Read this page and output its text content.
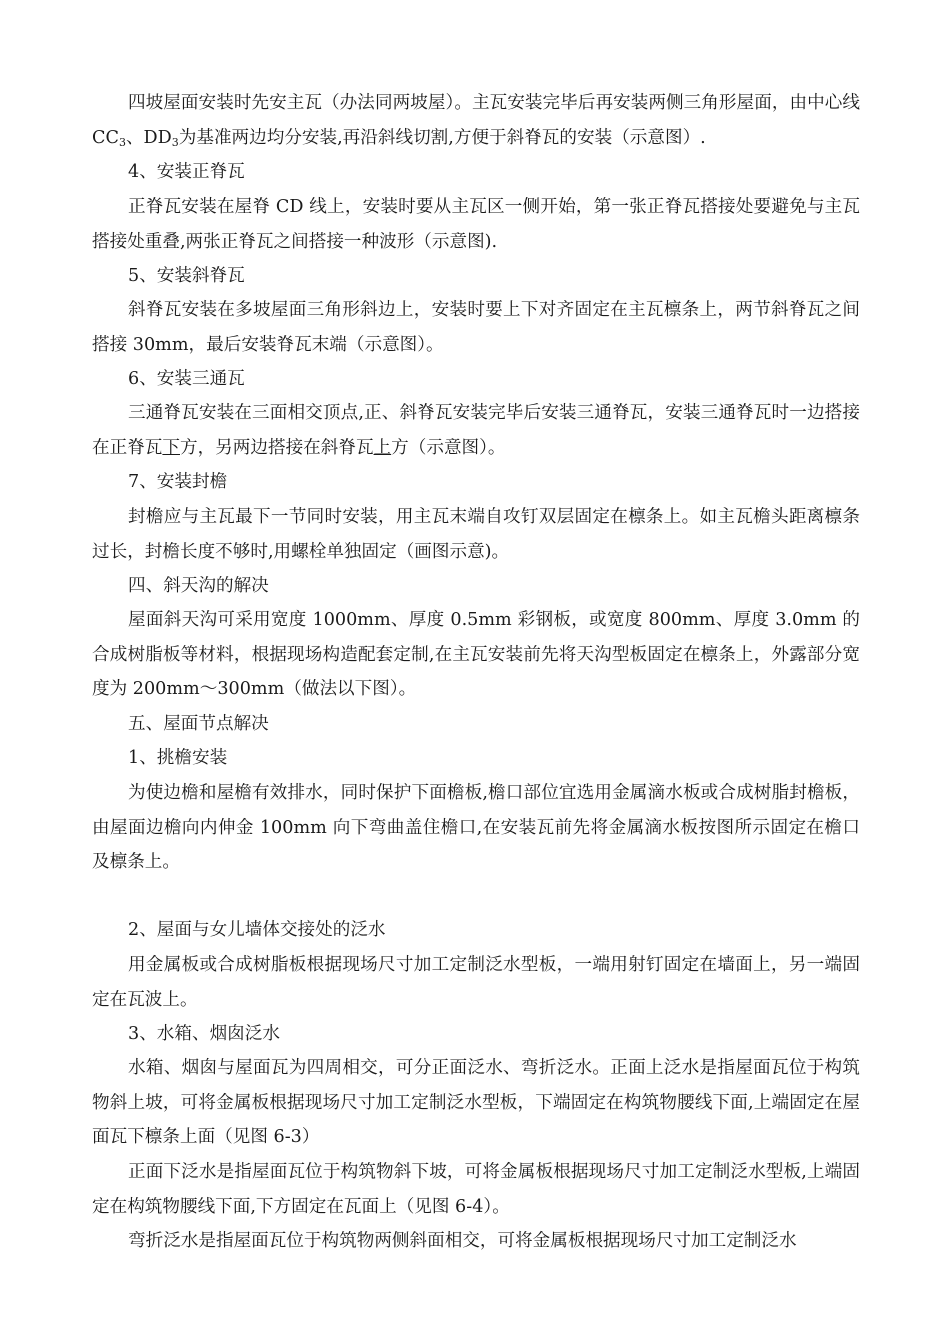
四坡屋面安装时先安主瓦（办法同两坡屋）。主瓦安装完毕后再安装两侧三角形屋面，由中心线 $CC_3$、$DD_3$为基准两边均分安装,再沿斜线切割,方便于斜脊瓦的安装（示意图）.

4、安装正脊瓦

正脊瓦安装在屋脊 CD 线上，安装时要从主瓦区一侧开始，第一张正脊瓦搭接处要避免与主瓦搭接处重叠,两张正脊瓦之间搭接一种波形（示意图).

5、安装斜脊瓦

斜脊瓦安装在多坡屋面三角形斜边上，安装时要上下对齐固定在主瓦檩条上，两节斜脊瓦之间搭接 30mm，最后安装脊瓦末端（示意图）。

6、安装三通瓦

三通脊瓦安装在三面相交顶点,正、斜脊瓦安装完毕后安装三通脊瓦，安装三通脊瓦时一边搭接在正脊瓦下方，另两边搭接在斜脊瓦上方（示意图）。

7、安装封檐

封檐应与主瓦最下一节同时安装，用主瓦末端自攻钉双层固定在檩条上。如主瓦檐头距离檩条过长，封檐长度不够时,用螺栓单独固定（画图示意)。

四、斜天沟的解决

屋面斜天沟可采用宽度 1000mm、厚度 0.5mm 彩钢板，或宽度 800mm、厚度 3.0mm 的合成树脂板等材料，根据现场构造配套定制,在主瓦安装前先将天沟型板固定在檩条上，外露部分宽度为 200mm～300mm（做法以下图）。

五、屋面节点解决

1、挑檐安装

为使边檐和屋檐有效排水，同时保护下面檐板,檐口部位宜选用金属滴水板或合成树脂封檐板，由屋面边檐向内伸金 100mm 向下弯曲盖住檐口,在安装瓦前先将金属滴水板按图所示固定在檐口及檩条上。

2、屋面与女儿墙体交接处的泛水

用金属板或合成树脂板根据现场尺寸加工定制泛水型板，一端用射钉固定在墙面上，另一端固定在瓦波上。

3、水箱、烟囱泛水

水箱、烟囱与屋面瓦为四周相交，可分正面泛水、弯折泛水。正面上泛水是指屋面瓦位于构筑物斜上坡，可将金属板根据现场尺寸加工定制泛水型板，下端固定在构筑物腰线下面,上端固定在屋面瓦下檩条上面（见图 6-3）

正面下泛水是指屋面瓦位于构筑物斜下坡，可将金属板根据现场尺寸加工定制泛水型板,上端固定在构筑物腰线下面,下方固定在瓦面上（见图 6-4）。

弯折泛水是指屋面瓦位于构筑物两侧斜面相交，可将金属板根据现场尺寸加工定制泛水
